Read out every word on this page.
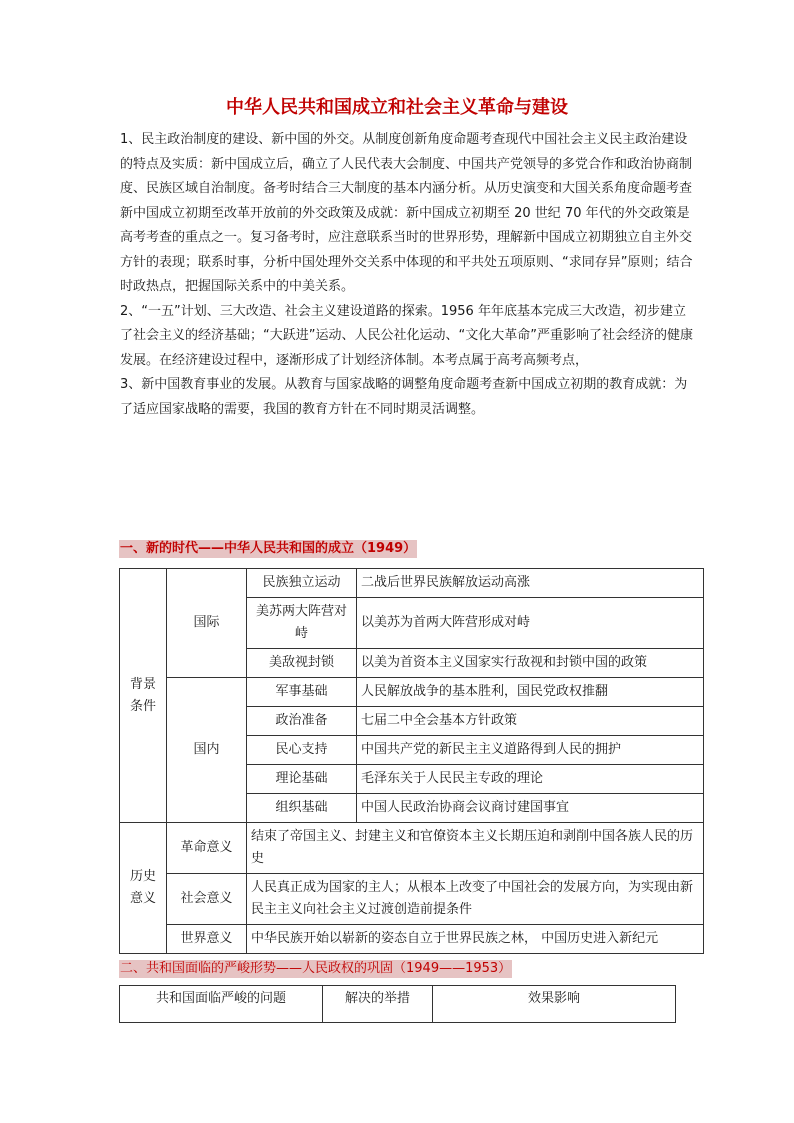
中华人民共和国成立和社会主义革命与建设

1、民主政治制度的建设、新中国的外交。从制度创新角度命题考查现代中国社会主义民主政治建设的特点及实质：新中国成立后，确立了人民代表大会制度、中国共产党领导的多党合作和政治协商制度、民族区域自治制度。备考时结合三大制度的基本内涵分析。从历史演变和大国关系角度命题考查新中国成立初期至改革开放前的外交政策及成就：新中国成立初期至 20 世纪 70 年代的外交政策是高考考查的重点之一。复习备考时，应注意联系当时的世界形势，理解新中国成立初期独立自主外交方针的表现；联系时事，分析中国处理外交关系中体现的和平共处五项原则、“求同存异”原则；结合时政热点，把握国际关系中的中美关系。

2、“一五”计划、三大改造、社会主义建设道路的探索。1956 年年底基本完成三大改造，初步建立了社会主义的经济基础；“大跃进”运动、人民公社化运动、“文化大革命”严重影响了社会经济的健康发展。在经济建设过程中，逐渐形成了计划经济体制。本考点属于高考高频考点，

3、新中国教育事业的发展。从教育与国家战略的调整角度命题考查新中国成立初期的教育成就：为了适应国家战略的需要，我国的教育方针在不同时期灵活调整。

一、新的时代——中华人民共和国的成立（1949）
背景条件	国际	民族独立运动	二战后世界民族解放运动高涨
		美苏两大阵营对峙	以美苏为首两大阵营形成对峙
		美敌视封锁	以美为首资本主义国家实行敌视和封锁中国的政策
	国内	军事基础	人民解放战争的基本胜利，国民党政权推翻
		政治准备	七届二中全会基本方针政策
		民心支持	中国共产党的新民主主义道路得到人民的拥护
		理论基础	毛泽东关于人民民主专政的理论
		组织基础	中国人民政治协商会议商讨建国事宜
历史意义	革命意义	结束了帝国主义、封建主义和官僚资本主义长期压迫和剥削中国各族人民的历史	
	社会意义	人民真正成为国家的主人；从根本上改变了中国社会的发展方向，为实现由新民主主义向社会主义过渡创造前提条件	
	世界意义	中华民族开始以崭新的姿态自立于世界民族之林， 中国历史进入新纪元	
二、共和国面临的严峻形势——人民政权的巩固（1949——1953）
共和国面临严峻的问题	解决的举措	效果影响
